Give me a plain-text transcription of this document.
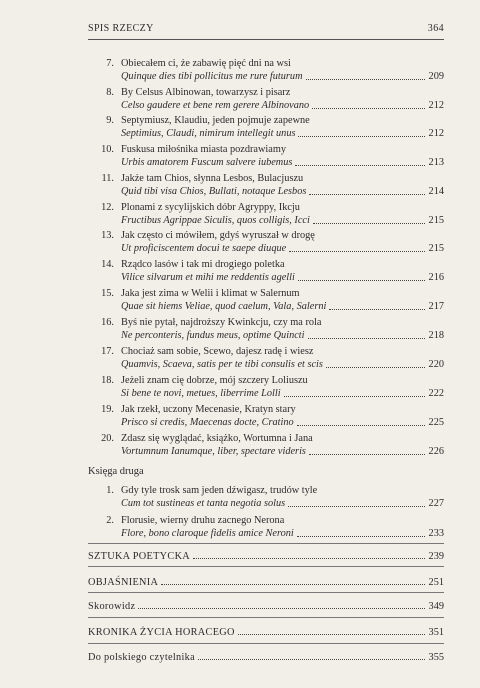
SPIS RZECZY	364
7. Obiecałem ci, że zabawię pięć dni na wsi
Quinque dies tibi pollicitus me rure futurum	209
8. By Celsus Albinowan, towarzysz i pisarz
Celso gaudere et bene rem gerere Albinovano	212
9. Septymiusz, Klaudiu, jeden pojmuje zapewne
Septimius, Claudi, nimirum intellegit unus	212
10. Fuskusa miłośnika miasta pozdrawiamy
Urbis amatorem Fuscum salvere iubemus	213
11. Jakże tam Chios, słynna Lesbos, Bulacjuszu
Quid tibi visa Chios, Bullati, notaque Lesbos	214
12. Plonami z sycylijskich dóbr Agryppy, Ikcju
Fructibus Agrippae Siculis, quos colligis, Icci	215
13. Jak często ci mówiłem, gdyś wyruszał w drogę
Ut proficiscentem docui te saepe diuque	215
14. Rządco lasów i tak mi drogiego poletka
Vilice silvarum et mihi me reddentis agelli	216
15. Jaka jest zima w Welii i klimat w Salernum
Quae sit hiems Veliae, quod caelum, Vala, Salerni	217
16. Byś nie pytał, najdroższy Kwinkcju, czy ma rola
Ne perconteris, fundus meus, optime Quincti	218
17. Chociaż sam sobie, Scewo, dajesz radę i wiesz
Quamvis, Scaeva, satis per te tibi consulis et scis	220
18. Jeżeli znam cię dobrze, mój szczery Loliuszu
Si bene te novi, metues, liberrime Lolli	222
19. Jak rzekł, uczony Mecenasie, Kratyn stary
Prisco si credis, Maecenas docte, Cratino	225
20. Zdasz się wyglądać, książko, Wortumna i Jana
Vortumnum Ianumque, liber, spectare videris	226
Księga druga
1. Gdy tyle trosk sam jeden dźwigasz, trudów tyle
Cum tot sustineas et tanta negotia solus	227
2. Florusie, wierny druhu zacnego Nerona
Flore, bono claroque fidelis amice Neroni	233
SZTUKA POETYCKA	239
OBJAŚNIENIA	251
Skorowidz	349
KRONIKA ŻYCIA HORACEGO	351
Do polskiego czytelnika	355
